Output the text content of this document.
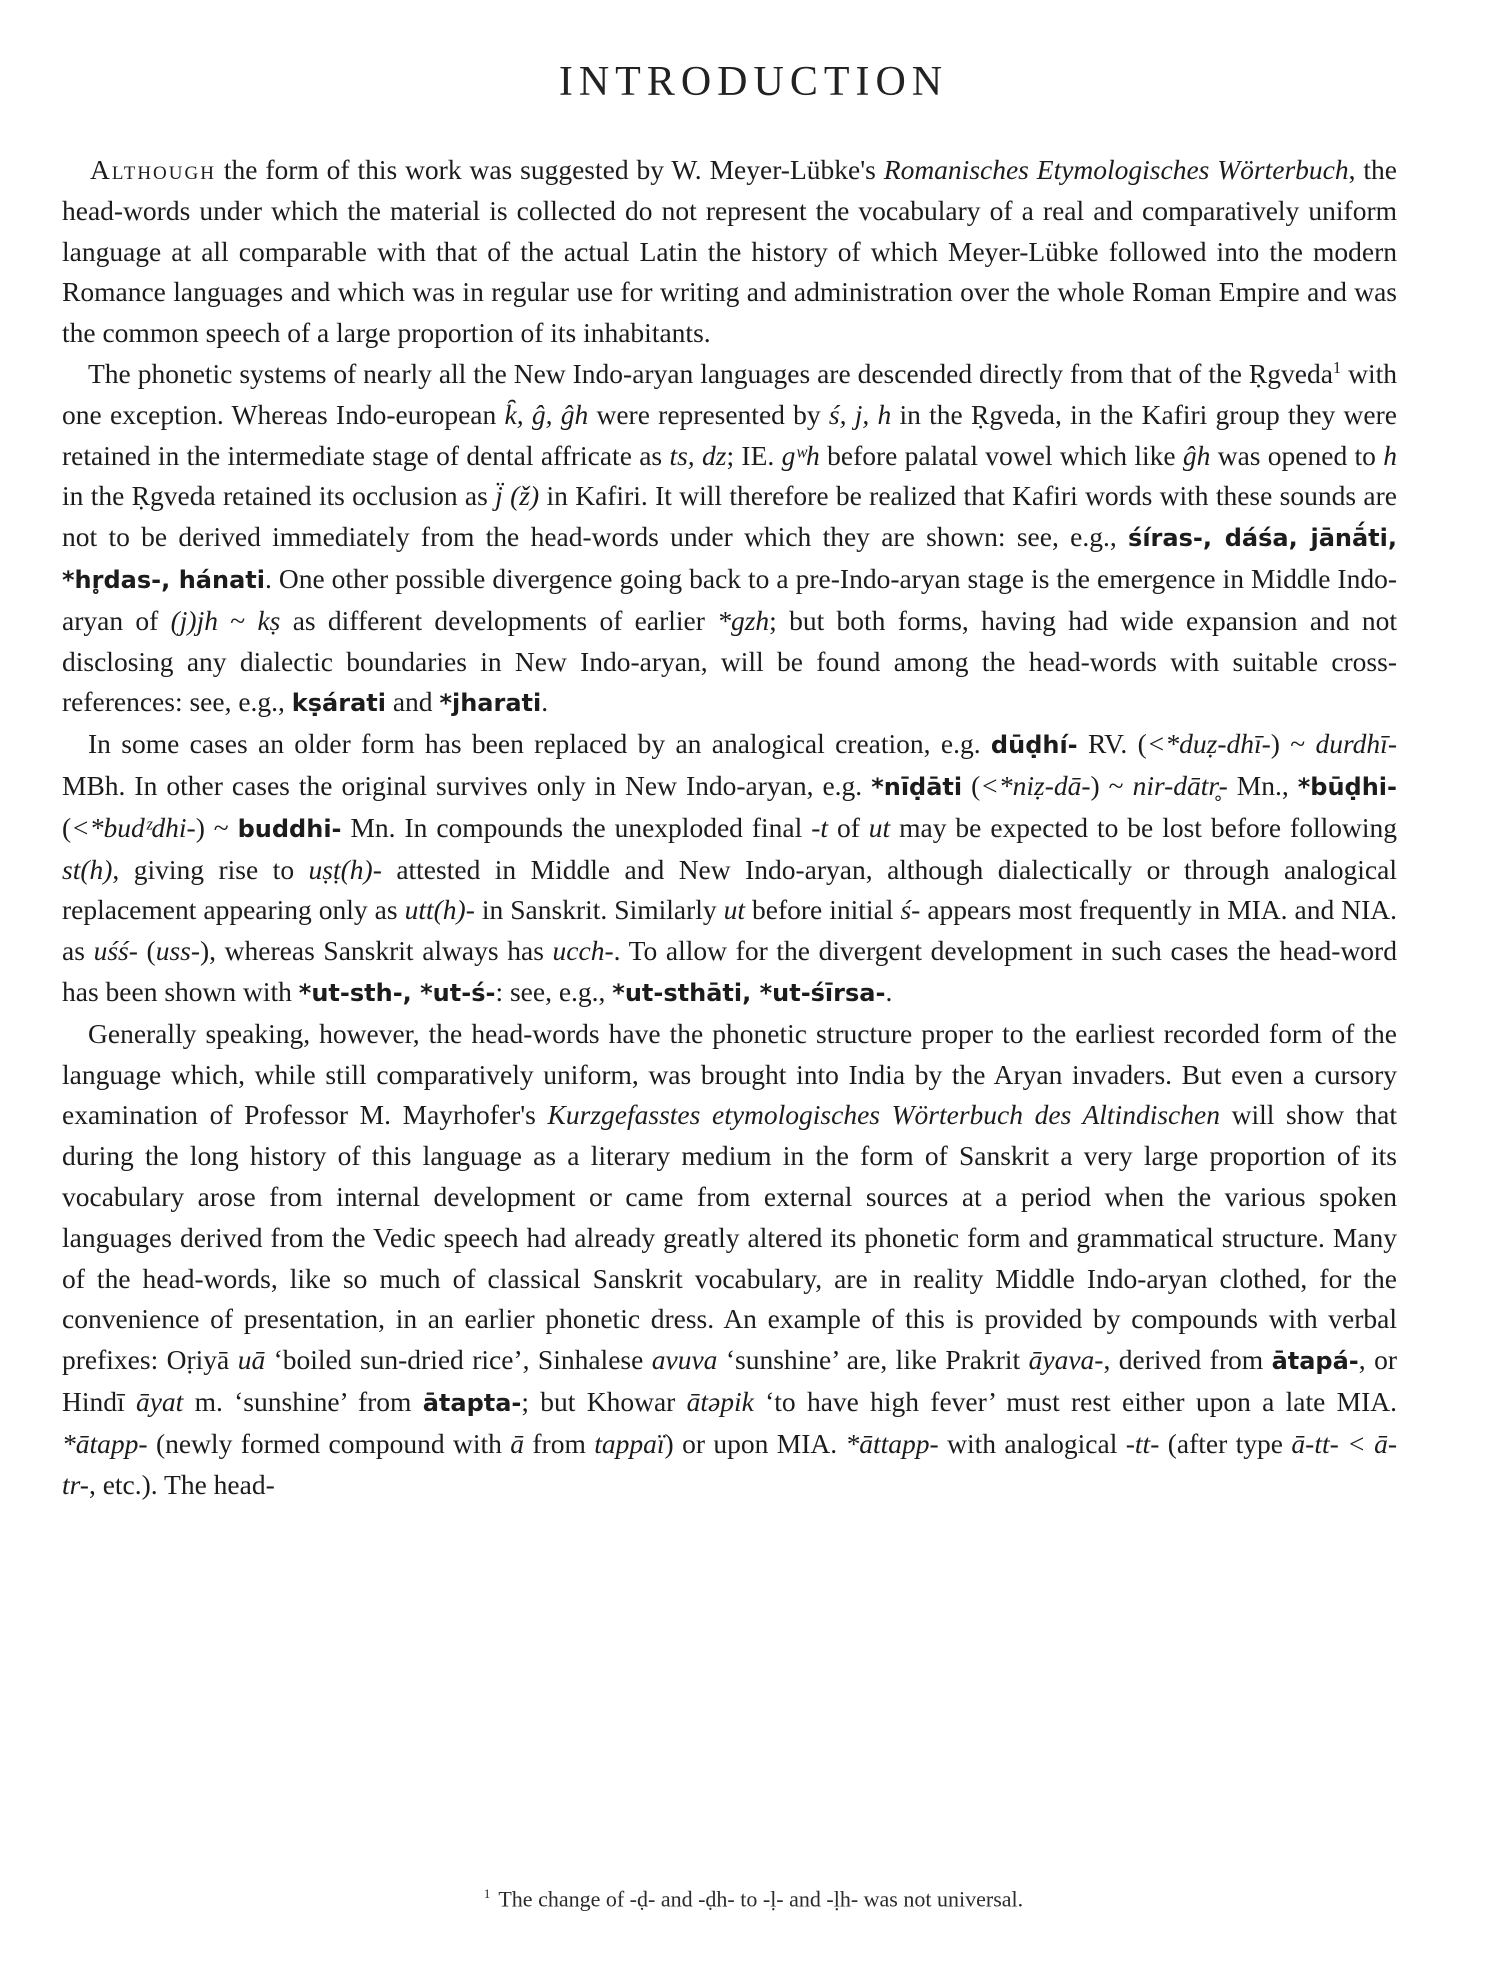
INTRODUCTION

Although the form of this work was suggested by W. Meyer-Lübke's Romanisches Etymologisches Wörterbuch, the head-words under which the material is collected do not represent the vocabulary of a real and comparatively uniform language at all comparable with that of the actual Latin the history of which Meyer-Lübke followed into the modern Romance languages and which was in regular use for writing and administration over the whole Roman Empire and was the common speech of a large proportion of its inhabitants.

The phonetic systems of nearly all the New Indo-aryan languages are descended directly from that of the Ṛgveda$^1$ with one exception. Whereas Indo-european k̑, ĝ, ĝh were represented by ś, j, h in the Ṛgveda, in the Kafiri group they were retained in the intermediate stage of dental affricate as ts, dz; IE. gʷh before palatal vowel which like ĝh was opened to h in the Ṛgveda retained its occlusion as j̈ (ž) in Kafiri. It will therefore be realized that Kafiri words with these sounds are not to be derived immediately from the head-words under which they are shown: see, e.g., śíras-, dáśa, jānā́ti, *hr̥das-, hánati. One other possible divergence going back to a pre-Indo-aryan stage is the emergence in Middle Indo-aryan of (j)jh ~ kṣ as different developments of earlier *gzh; but both forms, having had wide expansion and not disclosing any dialectic boundaries in New Indo-aryan, will be found among the head-words with suitable cross-references: see, e.g., kṣárati and *jharati.

In some cases an older form has been replaced by an analogical creation, e.g. dūḍhí- RV. (<*duẓ-dhī-) ~ durdhī- MBh. In other cases the original survives only in New Indo-aryan, e.g. *nīḍāti (<*niẓ-dā-) ~ nir-dātr̥- Mn., *būḍhi- (<*budᶻdhi-) ~ buddhi- Mn. In compounds the unexploded final -t of ut may be expected to be lost before following st(h), giving rise to uṣṭ(h)- attested in Middle and New Indo-aryan, although dialectically or through analogical replacement appearing only as utt(h)- in Sanskrit. Similarly ut before initial ś- appears most frequently in MIA. and NIA. as uśś- (uss-), whereas Sanskrit always has ucch-. To allow for the divergent development in such cases the head-word has been shown with *ut-sth-, *ut-ś-: see, e.g., *ut-sthāti, *ut-śīrsa-.

Generally speaking, however, the head-words have the phonetic structure proper to the earliest recorded form of the language which, while still comparatively uniform, was brought into India by the Aryan invaders. But even a cursory examination of Professor M. Mayrhofer's Kurzgefasstes etymologisches Wörterbuch des Altindischen will show that during the long history of this language as a literary medium in the form of Sanskrit a very large proportion of its vocabulary arose from internal development or came from external sources at a period when the various spoken languages derived from the Vedic speech had already greatly altered its phonetic form and grammatical structure. Many of the head-words, like so much of classical Sanskrit vocabulary, are in reality Middle Indo-aryan clothed, for the convenience of presentation, in an earlier phonetic dress. An example of this is provided by compounds with verbal prefixes: Oṛiyā uā ‘boiled sun-dried rice’, Sinhalese avuva ‘sunshine’ are, like Prakrit āyava-, derived from ātapá-, or Hindī āyat m. ‘sunshine’ from ātapta-; but Khowar ātəpik ‘to have high fever’ must rest either upon a late MIA. *ātapp- (newly formed compound with ā from tappaï) or upon MIA. *āttapp- with analogical -tt- (after type ā-tt- < ā-tr-, etc.). The head-

$^1$ The change of -ḍ- and -ḍh- to -ḷ- and -ḷh- was not universal.
